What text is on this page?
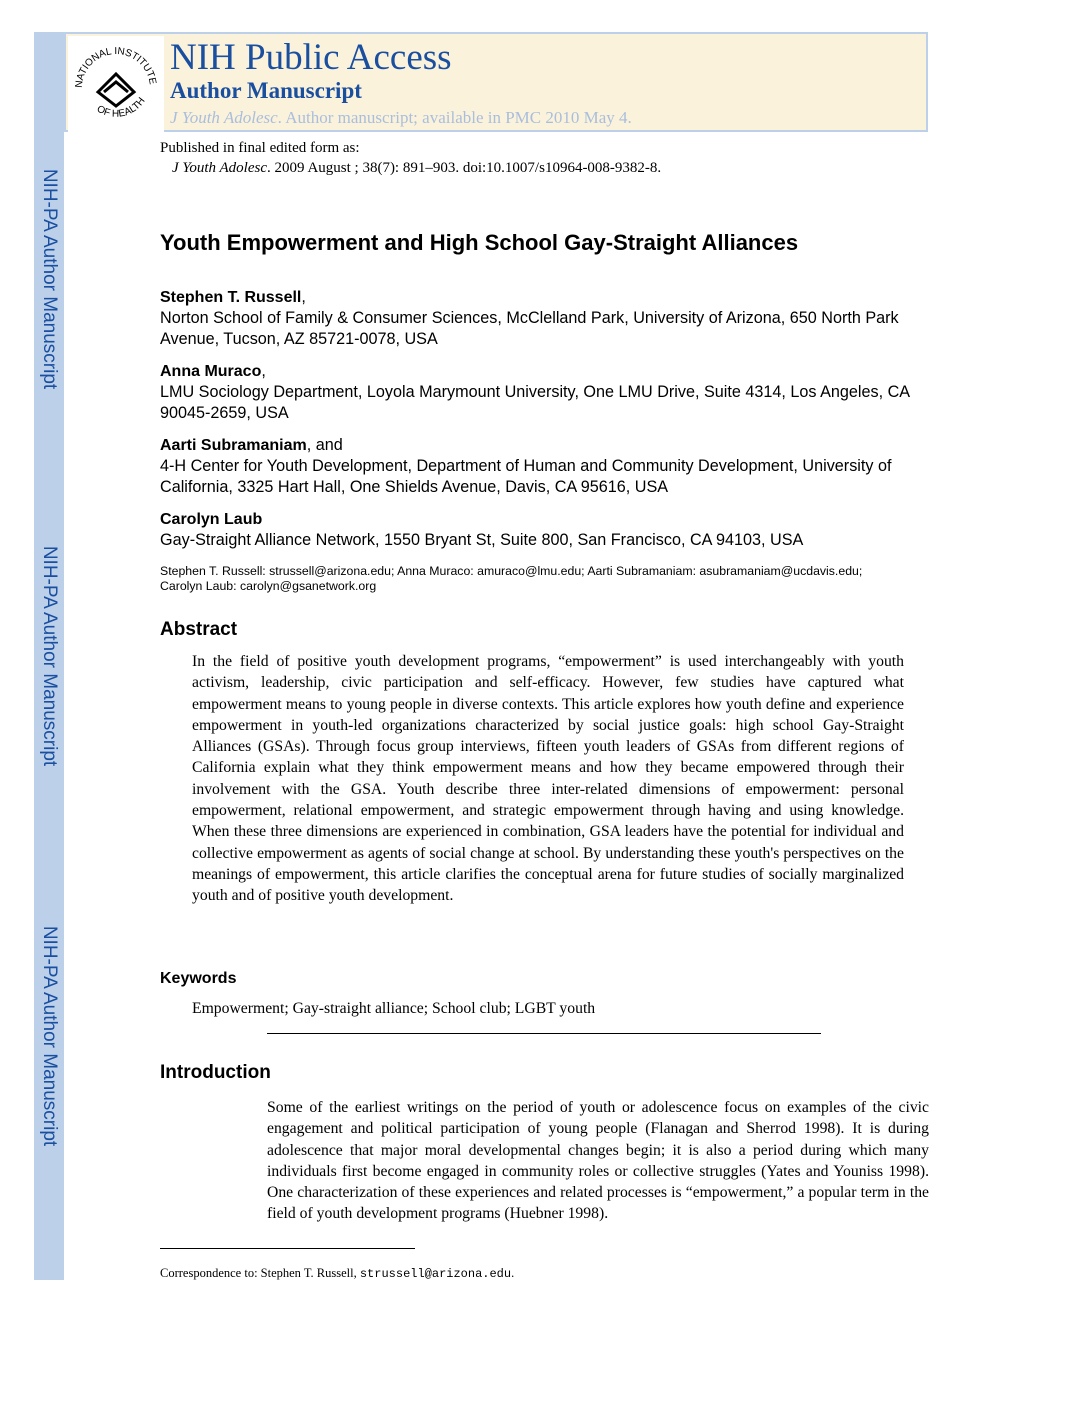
NIH-PA Author Manuscript
NIH-PA Author Manuscript
NIH-PA Author Manuscript
NATIONAL INSTITUTE
OF HEALTH
NIH Public Access
Author Manuscript
J Youth Adolesc. Author manuscript; available in PMC 2010 May 4.
Published in final edited form as:
J Youth Adolesc. 2009 August ; 38(7): 891–903. doi:10.1007/s10964-008-9382-8.
Youth Empowerment and High School Gay-Straight Alliances
Stephen T. Russell,
Norton School of Family & Consumer Sciences, McClelland Park, University of Arizona, 650 North Park Avenue, Tucson, AZ 85721-0078, USA
Anna Muraco,
LMU Sociology Department, Loyola Marymount University, One LMU Drive, Suite 4314, Los Angeles, CA 90045-2659, USA
Aarti Subramaniam, and
4-H Center for Youth Development, Department of Human and Community Development, University of California, 3325 Hart Hall, One Shields Avenue, Davis, CA 95616, USA
Carolyn Laub
Gay-Straight Alliance Network, 1550 Bryant St, Suite 800, San Francisco, CA 94103, USA
Stephen T. Russell: strussell@arizona.edu; Anna Muraco: amuraco@lmu.edu; Aarti Subramaniam: asubramaniam@ucdavis.edu; Carolyn Laub: carolyn@gsanetwork.org
Abstract
In the field of positive youth development programs, “empowerment” is used interchangeably with youth activism, leadership, civic participation and self-efficacy. However, few studies have captured what empowerment means to young people in diverse contexts. This article explores how youth define and experience empowerment in youth-led organizations characterized by social justice goals: high school Gay-Straight Alliances (GSAs). Through focus group interviews, fifteen youth leaders of GSAs from different regions of California explain what they think empowerment means and how they became empowered through their involvement with the GSA. Youth describe three inter-related dimensions of empowerment: personal empowerment, relational empowerment, and strategic empowerment through having and using knowledge. When these three dimensions are experienced in combination, GSA leaders have the potential for individual and collective empowerment as agents of social change at school. By understanding these youth's perspectives on the meanings of empowerment, this article clarifies the conceptual arena for future studies of socially marginalized youth and of positive youth development.
Keywords
Empowerment; Gay-straight alliance; School club; LGBT youth
Introduction
Some of the earliest writings on the period of youth or adolescence focus on examples of the civic engagement and political participation of young people (Flanagan and Sherrod 1998). It is during adolescence that major moral developmental changes begin; it is also a period during which many individuals first become engaged in community roles or collective struggles (Yates and Youniss 1998). One characterization of these experiences and related processes is “empowerment,” a popular term in the field of youth development programs (Huebner 1998).
Correspondence to: Stephen T. Russell, strussell@arizona.edu.
